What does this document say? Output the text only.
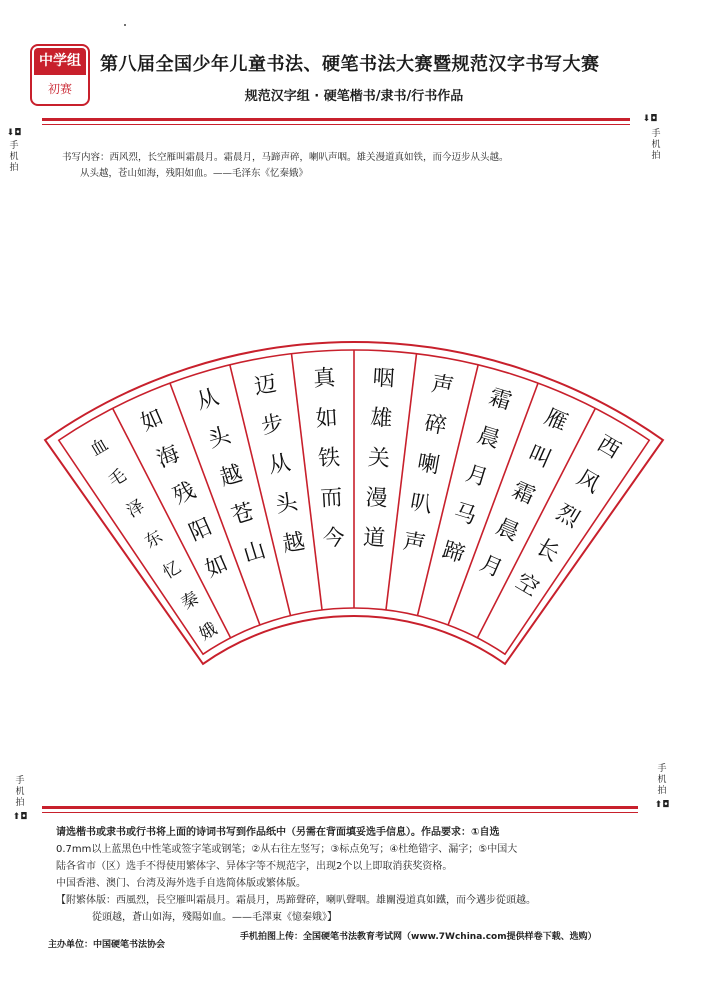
中学组
初赛
第八届全国少年儿童书法、硬笔书法大赛暨规范汉字书写大赛
规范汉字组 · 硬笔楷书/隶书/行书作品
⬇◘
手机拍
⬇◘
手机拍
书写内容：西风烈，长空雁叫霜晨月。霜晨月，马蹄声碎，喇叭声咽。雄关漫道真如铁，而今迈步从头越。
从头越，苍山如海，残阳如血。——毛泽东《忆秦娥》
西
风
烈
长
空
雁
叫
霜
晨
月
霜
晨
月
马
蹄
声
碎
喇
叭
声
咽
雄
关
漫
道
真
如
铁
而
今
迈
步
从
头
越
从
头
越
苍
山
如
海
残
阳
如
血
毛
泽
东
忆
秦
娥
手机拍
⬆◘
手机拍
⬆◘
请选楷书或隶书或行书将上面的诗词书写到作品纸中（另需在背面填妥选手信息）。作品要求：①自选
0.7mm以上蓝黑色中性笔或签字笔或钢笔；②从右往左竖写；③标点免写；④杜绝错字、漏字；⑤中国大
陆各省市（区）选手不得使用繁体字、异体字等不规范字，出现2个以上即取消获奖资格。
中国香港、澳门、台湾及海外选手自选简体版或繁体版。
【附繁体版：西風烈，長空雁叫霜晨月。霜晨月，馬蹄聲碎，喇叭聲咽。雄關漫道真如鐵，而今邁步從頭越。
從頭越，蒼山如海，殘陽如血。——毛澤東《憶秦娥》】
主办单位：中国硬笔书法协会
手机拍图上传：全国硬笔书法教育考试网（www.7Wchina.com提供样卷下载、选购）
